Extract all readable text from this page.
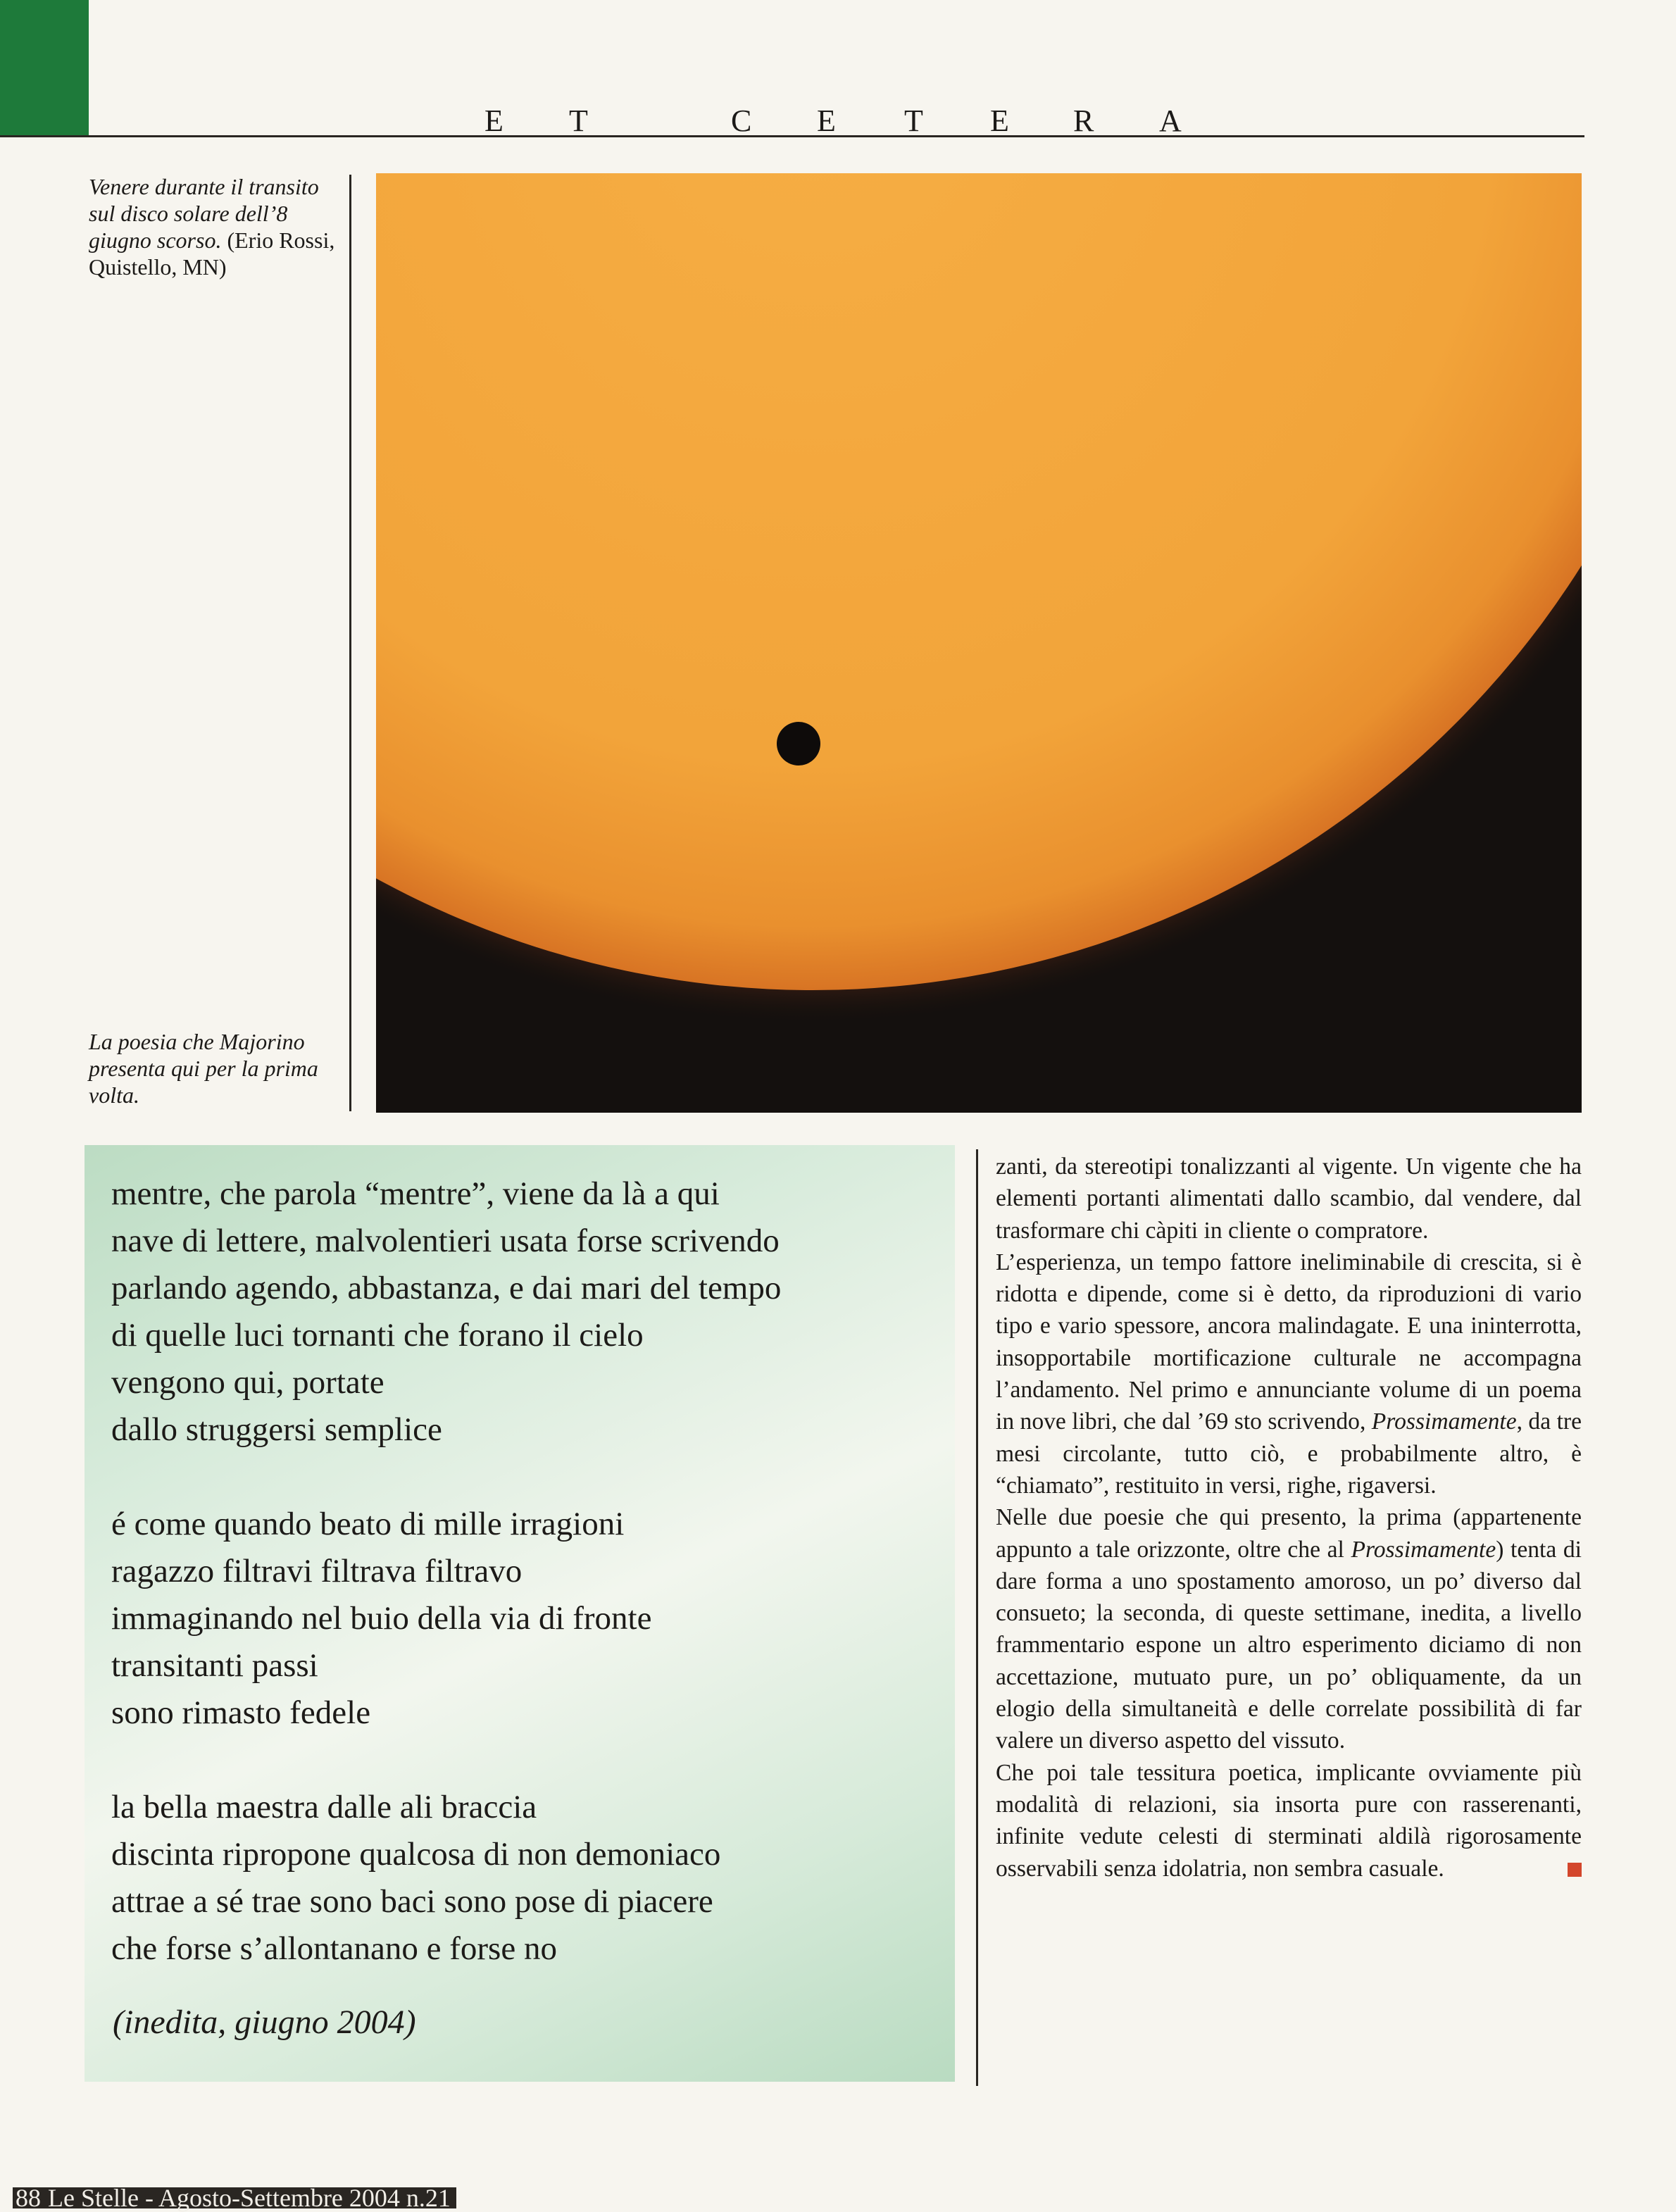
E T	C E T E R A
Venere durante il transito sul disco solare dell’8 giugno scorso. (Erio Rossi, Quistello, MN)
La poesia che Majorino presenta qui per la prima volta.
mentre, che parola “mentre”, viene da là a qui
nave di lettere, malvolentieri usata forse scrivendo
parlando agendo, abbastanza, e dai mari del tempo
di quelle luci tornanti che forano il cielo
vengono qui, portate
dallo struggersi semplice
é come quando beato di mille irragioni
ragazzo filtravi filtrava filtravo
immaginando nel buio della via di fronte
transitanti passi
sono rimasto fedele
la bella maestra dalle ali braccia
discinta ripropone qualcosa di non demoniaco
attrae a sé trae sono baci sono pose di piacere
che forse s’allontanano e forse no
(inedita, giugno 2004)

zanti, da stereotipi tonalizzanti al vigente. Un vigente che ha elementi portanti alimentati dallo scambio, dal vendere, dal trasformare chi càpiti in cliente o compratore.

L’esperienza, un tempo fattore ineliminabile di crescita, si è ridotta e dipende, come si è detto, da riproduzioni di vario tipo e vario spessore, ancora malindagate. E una ininterrotta, insopportabile mortificazione culturale ne accompagna l’andamento. Nel primo e annunciante volume di un poema in nove libri, che dal ’69 sto scrivendo, Prossimamente, da tre mesi circolante, tutto ciò, e probabilmente altro, è “chiamato”, restituito in versi, righe, rigaversi.

Nelle due poesie che qui presento, la prima (appartenente appunto a tale orizzonte, oltre che al Prossimamente) tenta di dare forma a uno spostamento amoroso, un po’ diverso dal consueto; la seconda, di queste settimane, inedita, a livello frammentario espone un altro esperimento diciamo di non accettazione, mutuato pure, un po’ obliquamente, da un elogio della simultaneità e delle correlate possibilità di far valere un diverso aspetto del vissuto.

Che poi tale tessitura poetica, implicante ovviamente più modalità di relazioni, sia insorta pure con rasserenanti, infinite vedute celesti di sterminati aldilà rigorosamente osservabili senza idolatria, non sembra casuale.

88 Le Stelle - Agosto-Settembre 2004 n.21
